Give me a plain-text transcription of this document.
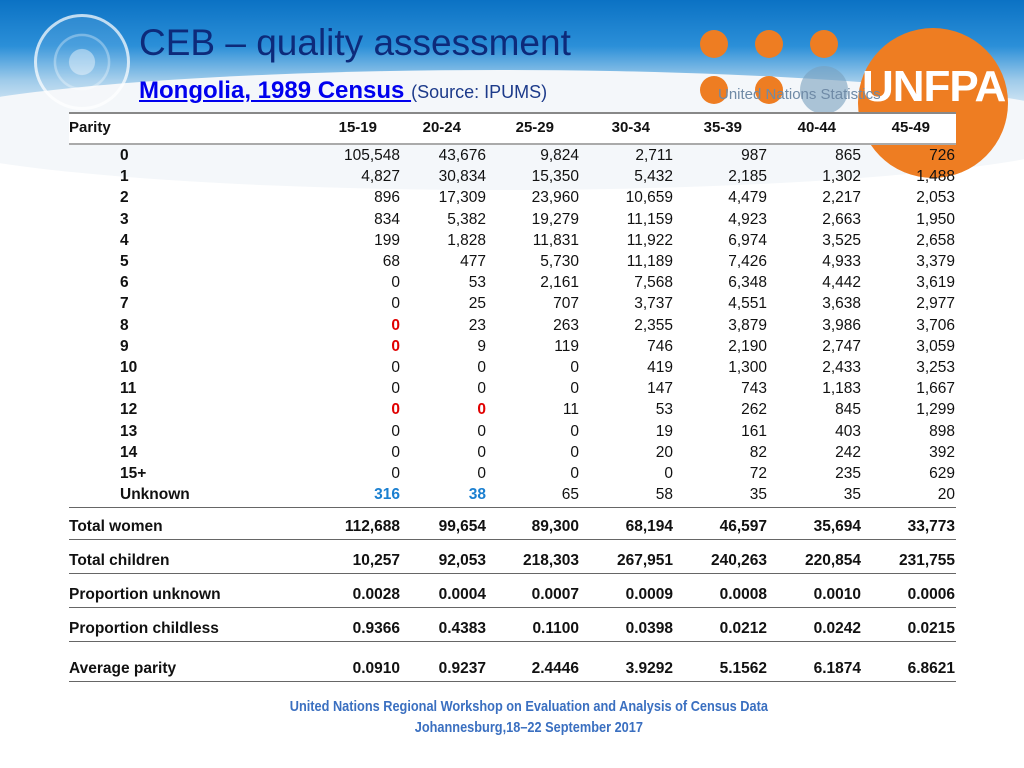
CEB – quality assessment
Mongolia, 1989 Census (Source: IPUMS)	UNFPA
United Nations Statistics
Parity	15-19	20-24	25-29	30-34	35-39	40-44	45-49
0	105,548	43,676	9,824	2,711	987	865	726
1	4,827	30,834	15,350	5,432	2,185	1,302	1,488
2	896	17,309	23,960	10,659	4,479	2,217	2,053
3	834	5,382	19,279	11,159	4,923	2,663	1,950
4	199	1,828	11,831	11,922	6,974	3,525	2,658
5	68	477	5,730	11,189	7,426	4,933	3,379
6	0	53	2,161	7,568	6,348	4,442	3,619
7	0	25	707	3,737	4,551	3,638	2,977
8	0	23	263	2,355	3,879	3,986	3,706
9	0	9	119	746	2,190	2,747	3,059
10	0	0	0	419	1,300	2,433	3,253
11	0	0	0	147	743	1,183	1,667
12	0	0	11	53	262	845	1,299
13	0	0	0	19	161	403	898
14	0	0	0	20	82	242	392
15+	0	0	0	0	72	235	629
Unknown	316	38	65	58	35	35	20
Total women	112,688	99,654	89,300	68,194	46,597	35,694	33,773
Total children	10,257	92,053	218,303	267,951	240,263	220,854	231,755
Proportion unknown	0.0028	0.0004	0.0007	0.0009	0.0008	0.0010	0.0006
Proportion childless	0.9366	0.4383	0.1100	0.0398	0.0212	0.0242	0.0215
Average parity	0.0910	0.9237	2.4446	3.9292	5.1562	6.1874	6.8621
United Nations Regional Workshop on Evaluation and Analysis of Census Data
Johannesburg,18–22 September 2017
